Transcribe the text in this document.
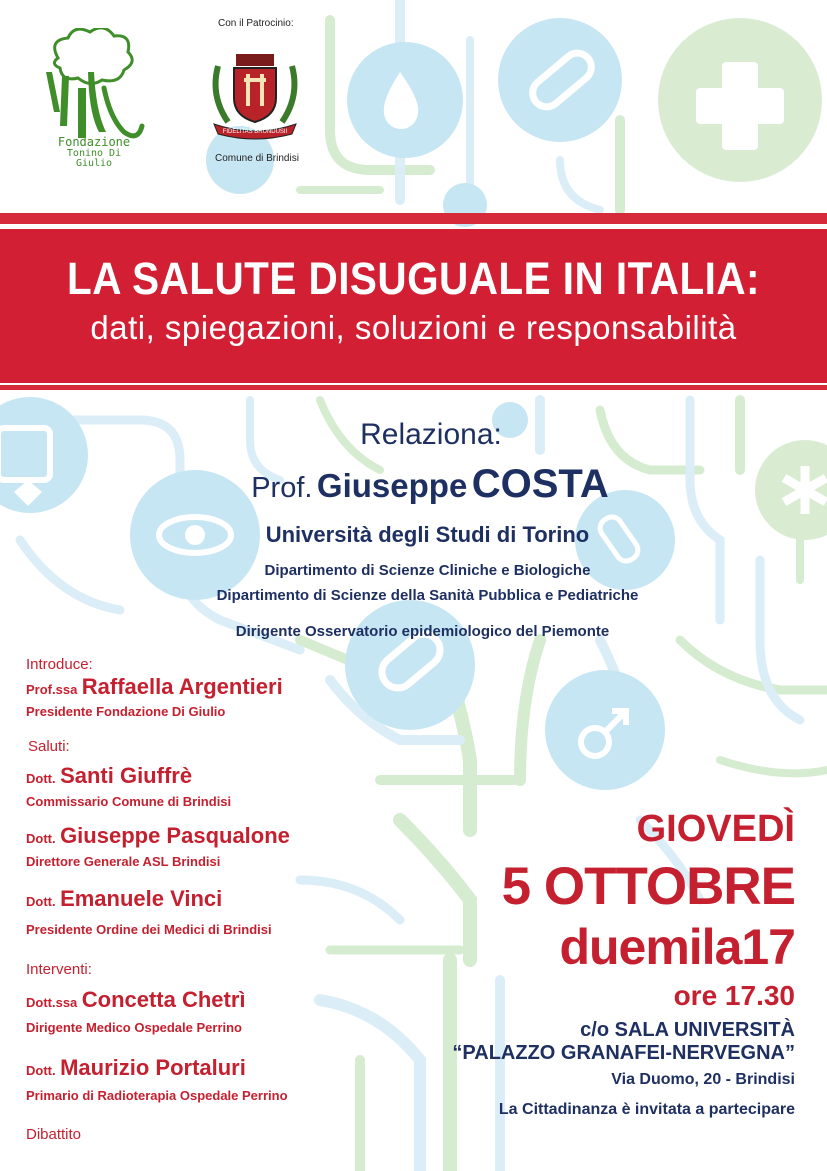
Fondazione
Tonino Di Giulio
Con il Patrocinio:
FIDELITAS BRUNDUSII
Comune di Brindisi
LA SALUTE DISUGUALE IN ITALIA:
dati, spiegazioni, soluzioni e responsabilità
Relaziona:
Prof. Giuseppe COSTA
Università degli Studi di Torino
Dipartimento di Scienze Cliniche e Biologiche
Dipartimento di Scienze della Sanità Pubblica e Pediatriche
Dirigente Osservatorio epidemiologico del Piemonte
Introduce:
Prof.ssa Raffaella Argentieri
Presidente Fondazione Di Giulio
Saluti:
Dott. Santi Giuffrè
Commissario Comune di Brindisi
Dott. Giuseppe Pasqualone
Direttore Generale ASL Brindisi
Dott. Emanuele Vinci
Presidente Ordine dei Medici di Brindisi
Interventi:
Dott.ssa Concetta Chetrì
Dirigente Medico Ospedale Perrino
Dott. Maurizio Portaluri
Primario di Radioterapia Ospedale Perrino
Dibattito
GIOVEDÌ
5 OTTOBRE
duemila17
ore 17.30
c/o SALA UNIVERSITÀ
“PALAZZO GRANAFEI-NERVEGNA”
Via Duomo, 20 - Brindisi
La Cittadinanza è invitata a partecipare
